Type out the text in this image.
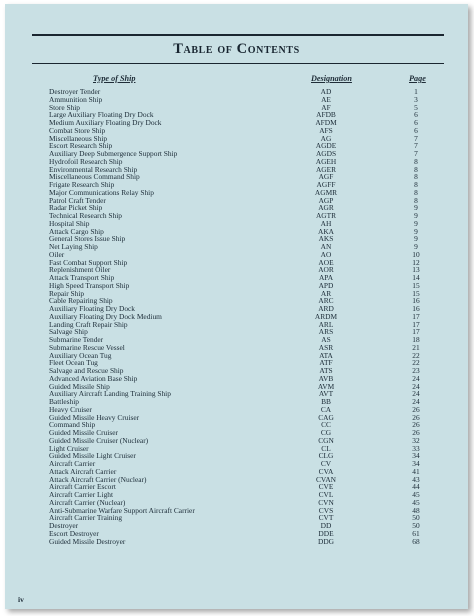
Table of Contents
Type of Ship	Designation	Page
Destroyer Tender	AD	1
Ammunition Ship	AE	3
Store Ship	AF	5
Large Auxiliary Floating Dry Dock	AFDB	6
Medium Auxiliary Floating Dry Dock	AFDM	6
Combat Store Ship	AFS	6
Miscellaneous Ship	AG	7
Escort Research Ship	AGDE	7
Auxiliary Deep Submergence Support Ship	AGDS	7
Hydrofoil Research Ship	AGEH	8
Environmental Research Ship	AGER	8
Miscellaneous Command Ship	AGF	8
Frigate Research Ship	AGFF	8
Major Communications Relay Ship	AGMR	8
Patrol Craft Tender	AGP	8
Radar Picket Ship	AGR	9
Technical Research Ship	AGTR	9
Hospital Ship	AH	9
Attack Cargo Ship	AKA	9
General Stores Issue Ship	AKS	9
Net Laying Ship	AN	9
Oiler	AO	10
Fast Combat Support Ship	AOE	12
Replenishment Oiler	AOR	13
Attack Transport Ship	APA	14
High Speed Transport Ship	APD	15
Repair Ship	AR	15
Cable Repairing Ship	ARC	16
Auxiliary Floating Dry Dock	ARD	16
Auxiliary Floating Dry Dock Medium	ARDM	17
Landing Craft Repair Ship	ARL	17
Salvage Ship	ARS	17
Submarine Tender	AS	18
Submarine Rescue Vessel	ASR	21
Auxiliary Ocean Tug	ATA	22
Fleet Ocean Tug	ATF	22
Salvage and Rescue Ship	ATS	23
Advanced Aviation Base Ship	AVB	24
Guided Missile Ship	AVM	24
Auxiliary Aircraft Landing Training Ship	AVT	24
Battleship	BB	24
Heavy Cruiser	CA	26
Guided Missile Heavy Cruiser	CAG	26
Command Ship	CC	26
Guided Missile Cruiser	CG	26
Guided Missile Cruiser (Nuclear)	CGN	32
Light Cruiser	CL	33
Guided Missile Light Cruiser	CLG	34
Aircraft Carrier	CV	34
Attack Aircraft Carrier	CVA	41
Attack Aircraft Carrier (Nuclear)	CVAN	43
Aircraft Carrier Escort	CVE	44
Aircraft Carrier Light	CVL	45
Aircraft Carrier (Nuclear)	CVN	45
Anti-Submarine Warfare Support Aircraft Carrier	CVS	48
Aircraft Carrier Training	CVT	50
Destroyer	DD	50
Escort Destroyer	DDE	61
Guided Missile Destroyer	DDG	68
iv
